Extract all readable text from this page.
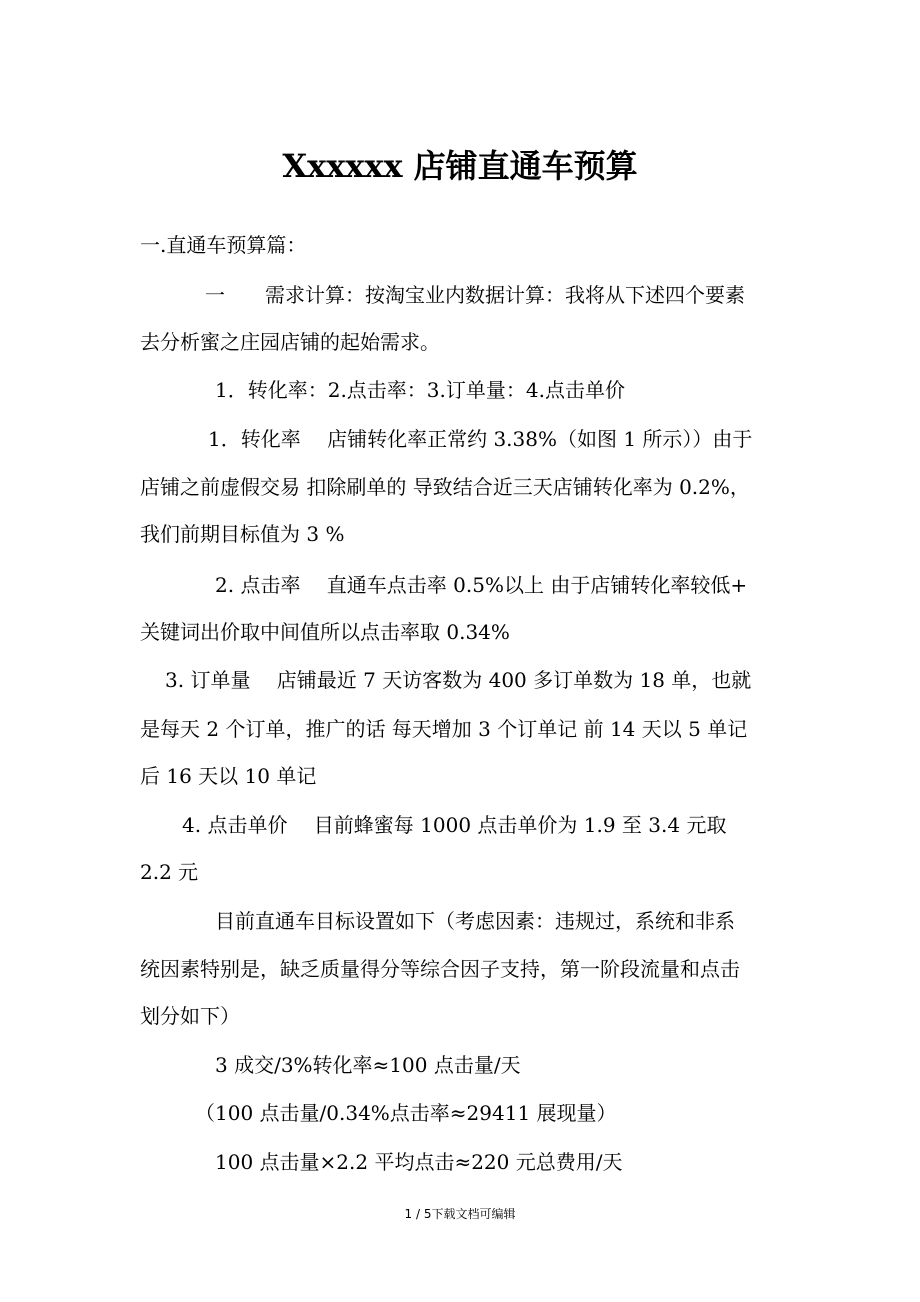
Xxxxxx 店铺直通车预算
一.直通车预算篇：
一　　需求计算：按淘宝业内数据计算：我将从下述四个要素
去分析蜜之庄园店铺的起始需求。
1．转化率：2.点击率：3.订单量：4.点击单价
1．转化率　 店铺转化率正常约 3.38%（如图 1 所示））由于
店铺之前虚假交易 扣除刷单的 导致结合近三天店铺转化率为 0.2%，
我们前期目标值为 3 %
2. 点击率　 直通车点击率 0.5%以上 由于店铺转化率较低+
关键词出价取中间值所以点击率取 0.34%
3. 订单量　 店铺最近 7 天访客数为 400 多订单数为 18 单，也就
是每天 2 个订单，推广的话 每天增加 3 个订单记 前 14 天以 5 单记
后 16 天以 10 单记
4. 点击单价　 目前蜂蜜每 1000 点击单价为 1.9 至 3.4 元取
2.2 元
目前直通车目标设置如下（考虑因素：违规过，系统和非系
统因素特别是，缺乏质量得分等综合因子支持，第一阶段流量和点击
划分如下）
3 成交/3%转化率≈100 点击量/天
（100 点击量/0.34%点击率≈29411 展现量）
100 点击量×2.2 平均点击≈220 元总费用/天
1 / 5下载文档可编辑
